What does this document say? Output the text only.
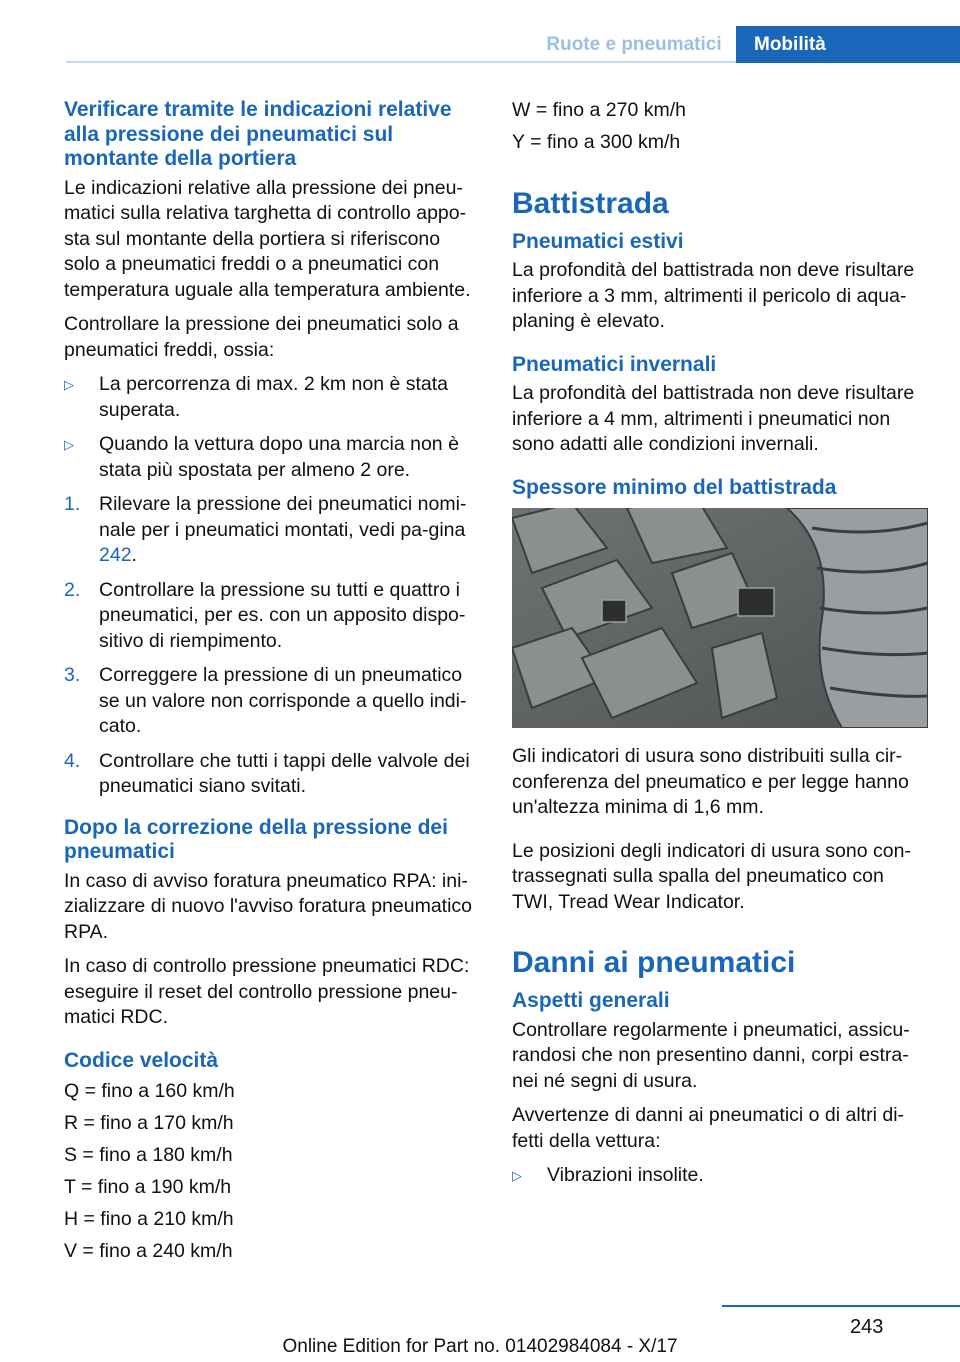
Ruote e pneumatici	Mobilità
Verificare tramite le indicazioni relative alla pressione dei pneumatici sul montante della portiera

Le indicazioni relative alla pressione dei pneu-matici sulla relativa targhetta di controllo appo-sta sul montante della portiera si riferiscono solo a pneumatici freddi o a pneumatici con temperatura uguale alla temperatura ambiente.

Controllare la pressione dei pneumatici solo a pneumatici freddi, ossia:

▷	La percorrenza di max. 2 km non è stata superata.
▷	Quando la vettura dopo una marcia non è stata più spostata per almeno 2 ore.
1. Rilevare la pressione dei pneumatici nomi-nale per i pneumatici montati, vedi pa-gina 242.
2. Controllare la pressione su tutti e quattro i pneumatici, per es. con un apposito dispo-sitivo di riempimento.
3. Correggere la pressione di un pneumatico se un valore non corrisponde a quello indi-cato.
4. Controllare che tutti i tappi delle valvole dei pneumatici siano svitati.
Dopo la correzione della pressione dei pneumatici

In caso di avviso foratura pneumatico RPA: ini-zializzare di nuovo l'avviso foratura pneumatico RPA.

In caso di controllo pressione pneumatici RDC: eseguire il reset del controllo pressione pneu-matici RDC.

Codice velocità
Q = fino a 160 km/h
R = fino a 170 km/h
S = fino a 180 km/h
T = fino a 190 km/h
H = fino a 210 km/h
V = fino a 240 km/h
W = fino a 270 km/h
Y = fino a 300 km/h
Battistrada
Pneumatici estivi

La profondità del battistrada non deve risultare inferiore a 3 mm, altrimenti il pericolo di aqua-planing è elevato.

Pneumatici invernali

La profondità del battistrada non deve risultare inferiore a 4 mm, altrimenti i pneumatici non sono adatti alle condizioni invernali.

Spessore minimo del battistrada

Gli indicatori di usura sono distribuiti sulla cir-conferenza del pneumatico e per legge hanno un'altezza minima di 1,6 mm.

Le posizioni degli indicatori di usura sono con-trassegnati sulla spalla del pneumatico con TWI, Tread Wear Indicator.

Danni ai pneumatici
Aspetti generali

Controllare regolarmente i pneumatici, assicu-randosi che non presentino danni, corpi estra-nei né segni di usura.

Avvertenze di danni ai pneumatici o di altri di-fetti della vettura:

▷	Vibrazioni insolite.
243
Online Edition for Part no. 01402984084 - X/17
